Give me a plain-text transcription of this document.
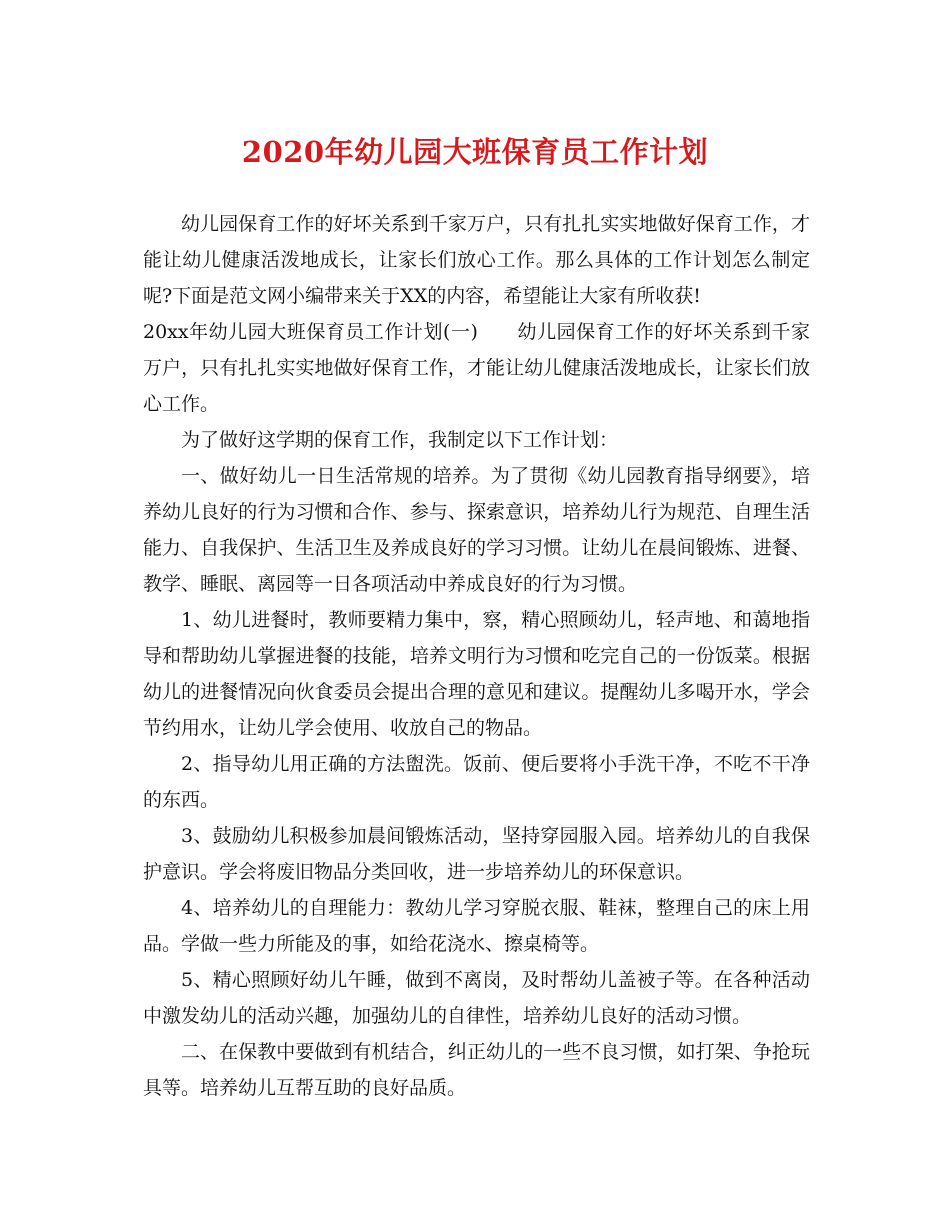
2020年幼儿园大班保育员工作计划

幼儿园保育工作的好坏关系到千家万户，只有扎扎实实地做好保育工作，才能让幼儿健康活泼地成长，让家长们放心工作。那么具体的工作计划怎么制定呢?下面是范文网小编带来关于XX的内容，希望能让大家有所收获!

20xx年幼儿园大班保育员工作计划(一)　　幼儿园保育工作的好坏关系到千家万户，只有扎扎实实地做好保育工作，才能让幼儿健康活泼地成长，让家长们放心工作。

为了做好这学期的保育工作，我制定以下工作计划：

一、做好幼儿一日生活常规的培养。为了贯彻《幼儿园教育指导纲要》，培养幼儿良好的行为习惯和合作、参与、探索意识，培养幼儿行为规范、自理生活能力、自我保护、生活卫生及养成良好的学习习惯。让幼儿在晨间锻炼、进餐、教学、睡眠、离园等一日各项活动中养成良好的行为习惯。

1、幼儿进餐时，教师要精力集中，察，精心照顾幼儿，轻声地、和蔼地指导和帮助幼儿掌握进餐的技能，培养文明行为习惯和吃完自己的一份饭菜。根据幼儿的进餐情况向伙食委员会提出合理的意见和建议。提醒幼儿多喝开水，学会节约用水，让幼儿学会使用、收放自己的物品。

2、指导幼儿用正确的方法盥洗。饭前、便后要将小手洗干净，不吃不干净的东西。

3、鼓励幼儿积极参加晨间锻炼活动，坚持穿园服入园。培养幼儿的自我保护意识。学会将废旧物品分类回收，进一步培养幼儿的环保意识。

4、培养幼儿的自理能力：教幼儿学习穿脱衣服、鞋袜，整理自己的床上用品。学做一些力所能及的事，如给花浇水、擦桌椅等。

5、精心照顾好幼儿午睡，做到不离岗，及时帮幼儿盖被子等。在各种活动中激发幼儿的活动兴趣，加强幼儿的自律性，培养幼儿良好的活动习惯。

二、在保教中要做到有机结合，纠正幼儿的一些不良习惯，如打架、争抢玩具等。培养幼儿互帮互助的良好品质。
